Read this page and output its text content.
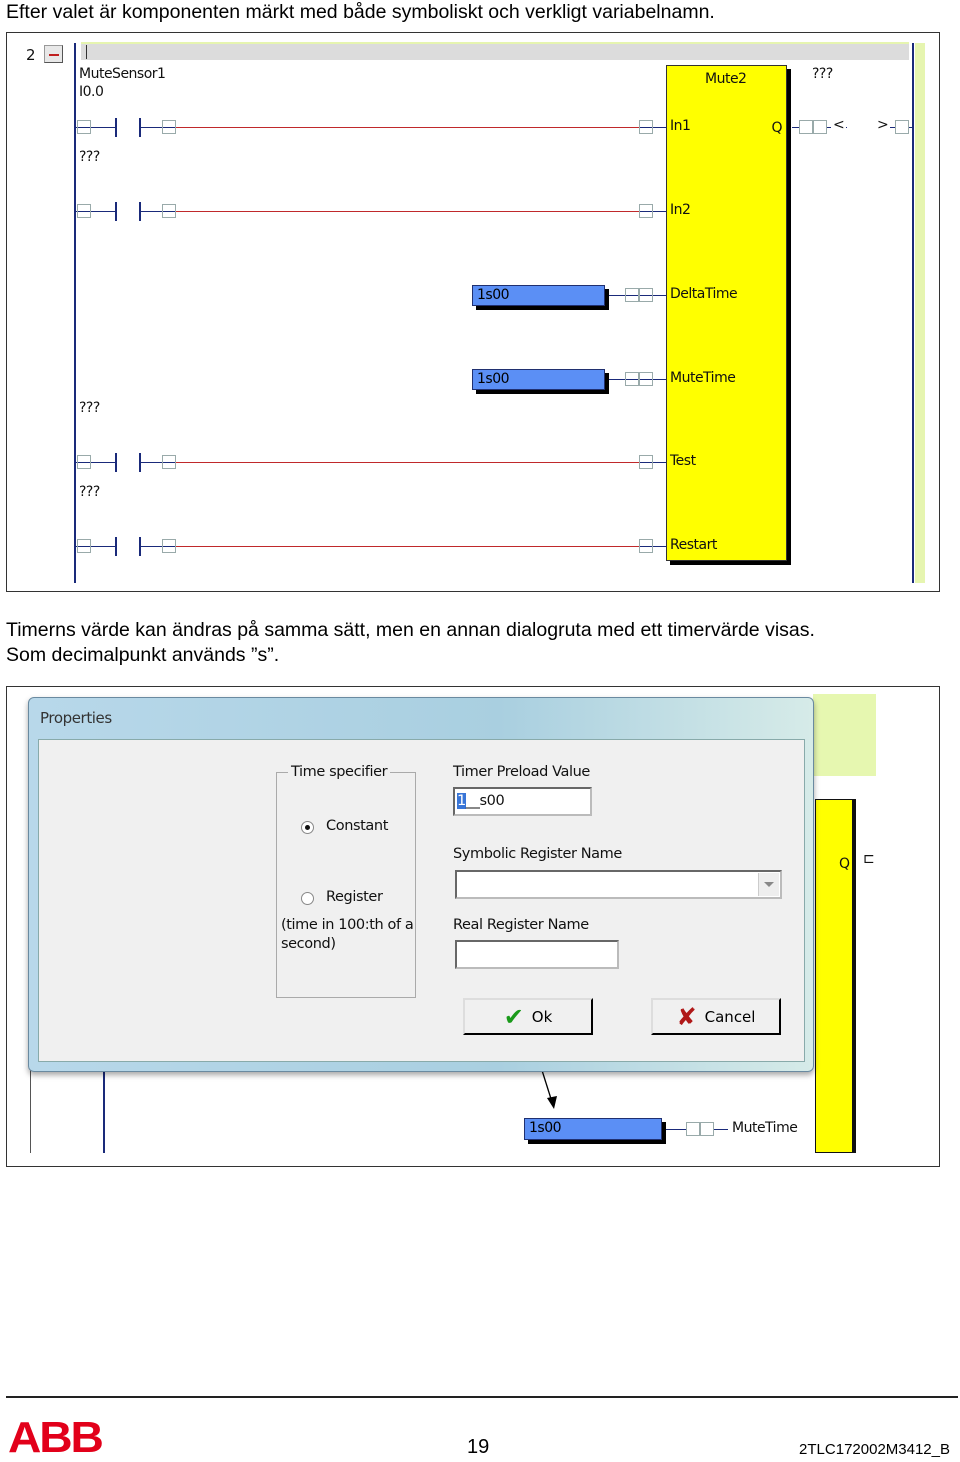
Efter valet är komponenten märkt med både symboliskt och verkligt variabelnamn.
2
MuteSensor1
I0.0
???
???
???
Mute2
Q
In1
In2
DeltaTime
MuteTime
Test
Restart
???
< >
1s00
1s00
Timerns värde kan ändras på samma sätt, men en annan dialogruta med ett timervärde visas.
Som decimalpunkt används ”s”.
Q ⊏
1s00	MuteTime
Properties
Time specifier
Constant
Register
(time in 100:th of a
second)
Timer Preload Value
1__s00
Symbolic Register Name
Real Register Name
✔ Ok	✘ Cancel
ABB	19	2TLC172002M3412_B
